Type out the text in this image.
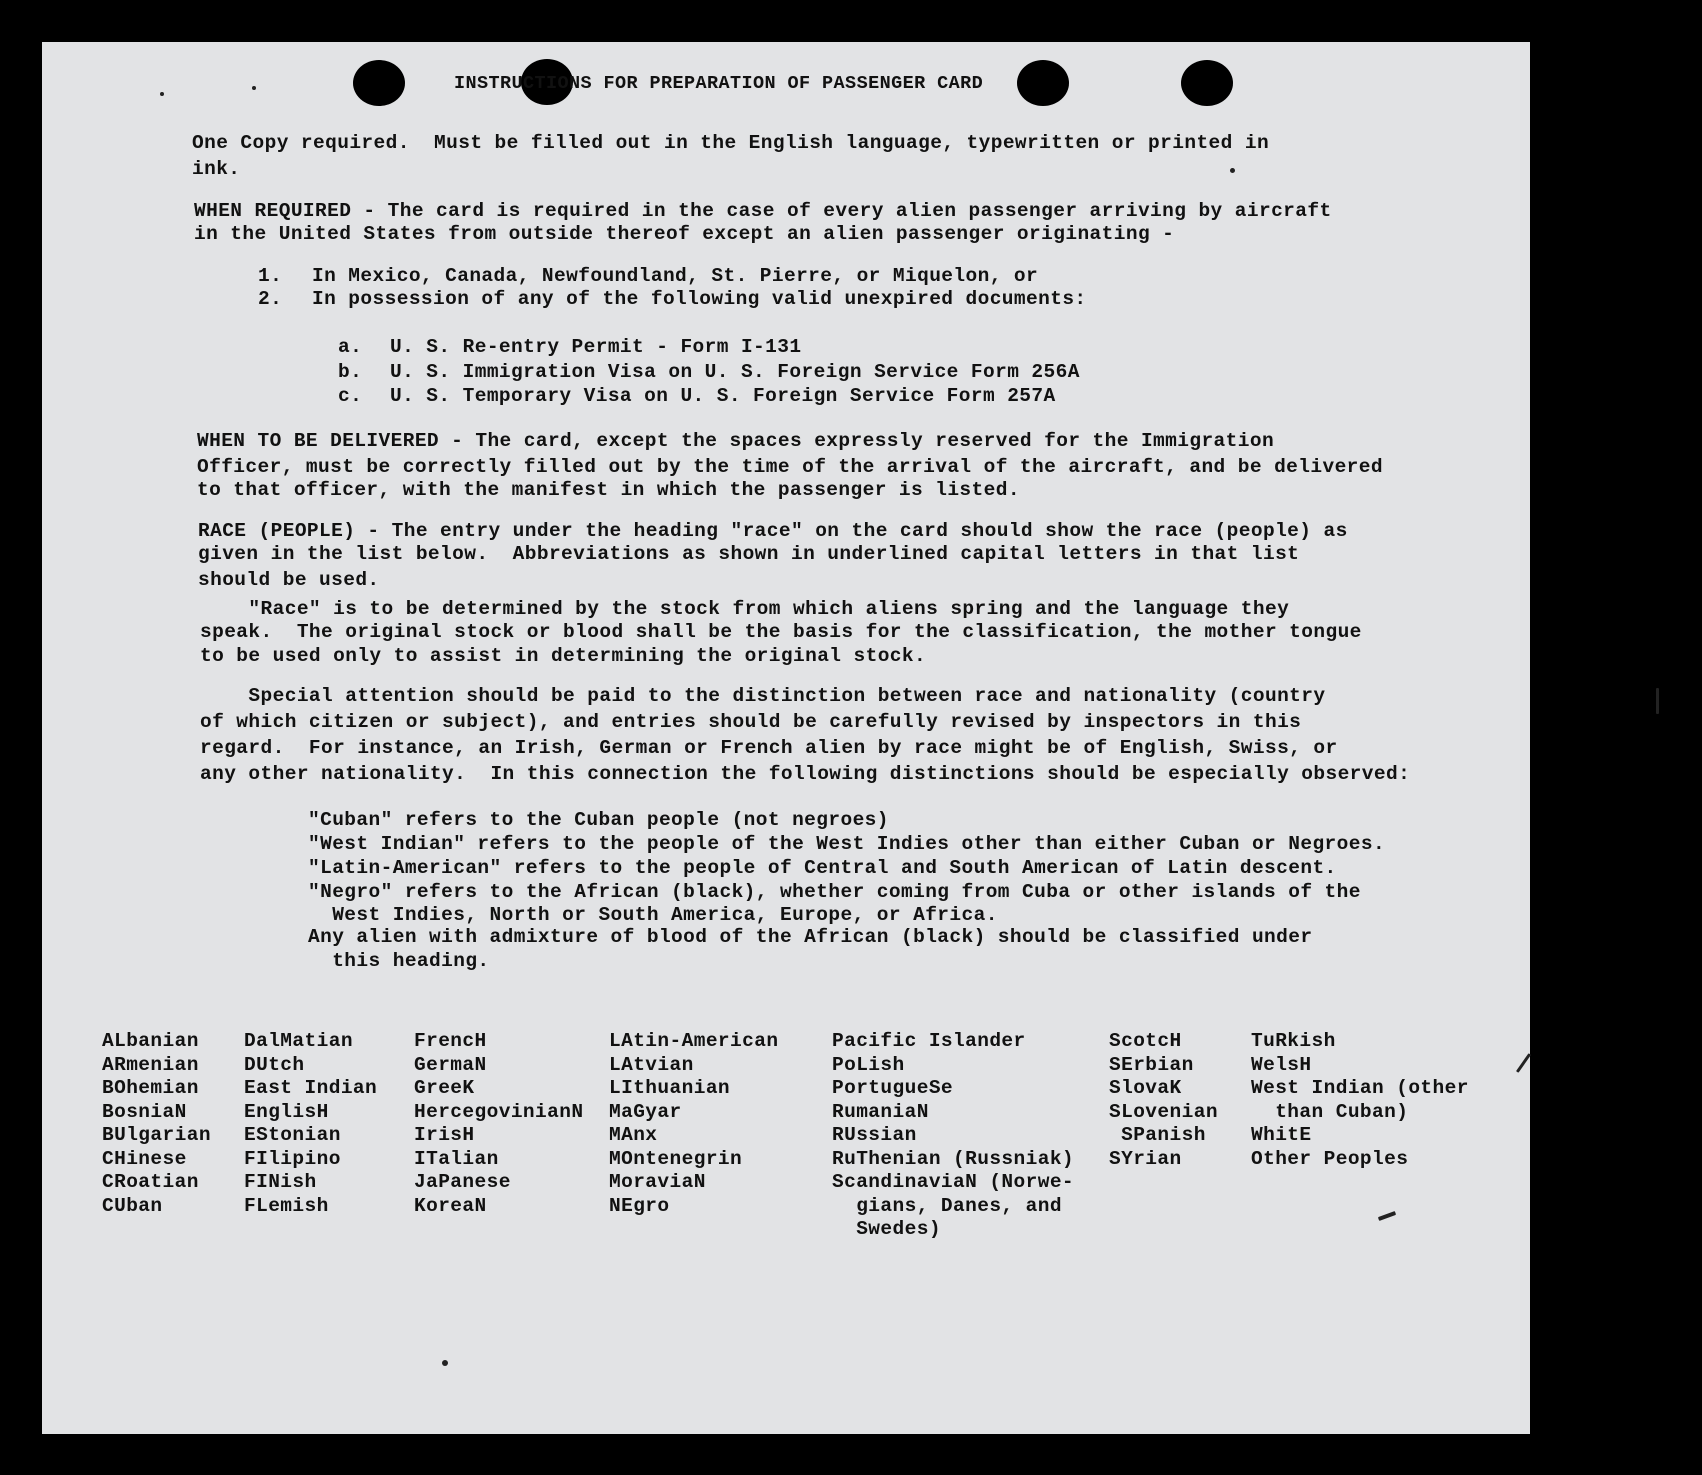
INSTRUCTIONS FOR PREPARATION OF PASSENGER CARD
One Copy required.  Must be filled out in the English language, typewritten or printed in
ink.
WHEN REQUIRED - The card is required in the case of every alien passenger arriving by aircraft
in the United States from outside thereof except an alien passenger originating -
1. In Mexico, Canada, Newfoundland, St. Pierre, or Miquelon, or
2. In possession of any of the following valid unexpired documents:
a. U. S. Re-entry Permit - Form I-131
b. U. S. Immigration Visa on U. S. Foreign Service Form 256A
c. U. S. Temporary Visa on U. S. Foreign Service Form 257A
WHEN TO BE DELIVERED - The card, except the spaces expressly reserved for the Immigration
Officer, must be correctly filled out by the time of the arrival of the aircraft, and be delivered
to that officer, with the manifest in which the passenger is listed.
RACE (PEOPLE) - The entry under the heading "race" on the card should show the race (people) as
given in the list below.  Abbreviations as shown in underlined capital letters in that list
should be used.
"Race" is to be determined by the stock from which aliens spring and the language they
speak.  The original stock or blood shall be the basis for the classification, the mother tongue
to be used only to assist in determining the original stock.
Special attention should be paid to the distinction between race and nationality (country
of which citizen or subject), and entries should be carefully revised by inspectors in this
regard.  For instance, an Irish, German or French alien by race might be of English, Swiss, or
any other nationality.  In this connection the following distinctions should be especially observed:
"Cuban" refers to the Cuban people (not negroes)
"West Indian" refers to the people of the West Indies other than either Cuban or Negroes.
"Latin-American" refers to the people of Central and South American of Latin descent.
"Negro" refers to the African (black), whether coming from Cuba or other islands of the
West Indies, North or South America, Europe, or Africa.
Any alien with admixture of blood of the African (black) should be classified under
this heading.
ALbanian
ARmenian
BOhemian
BosniaN
BUlgarian
CHinese
CRoatian
CUban
DalMatian
DUtch
East Indian
EnglisH
EStonian
FIlipino
FINish
FLemish
FrencH
GermaN
GreeK
HercegovinianN
IrisH
ITalian
JaPanese
KoreaN
LAtin-American
LAtvian
LIthuanian
MaGyar
MAnx
MOntenegrin
MoraviaN
NEgro
Pacific Islander
PoLish
PortugueSe
RumaniaN
RUssian
RuThenian (Russniak)
ScandinaviaN (Norwe-
gians, Danes, and
Swedes)
ScotcH
SErbian
SlovaK
SLovenian
SPanish
SYrian
TuRkish
WelsH
West Indian (other
than Cuban)
WhitE
Other Peoples
